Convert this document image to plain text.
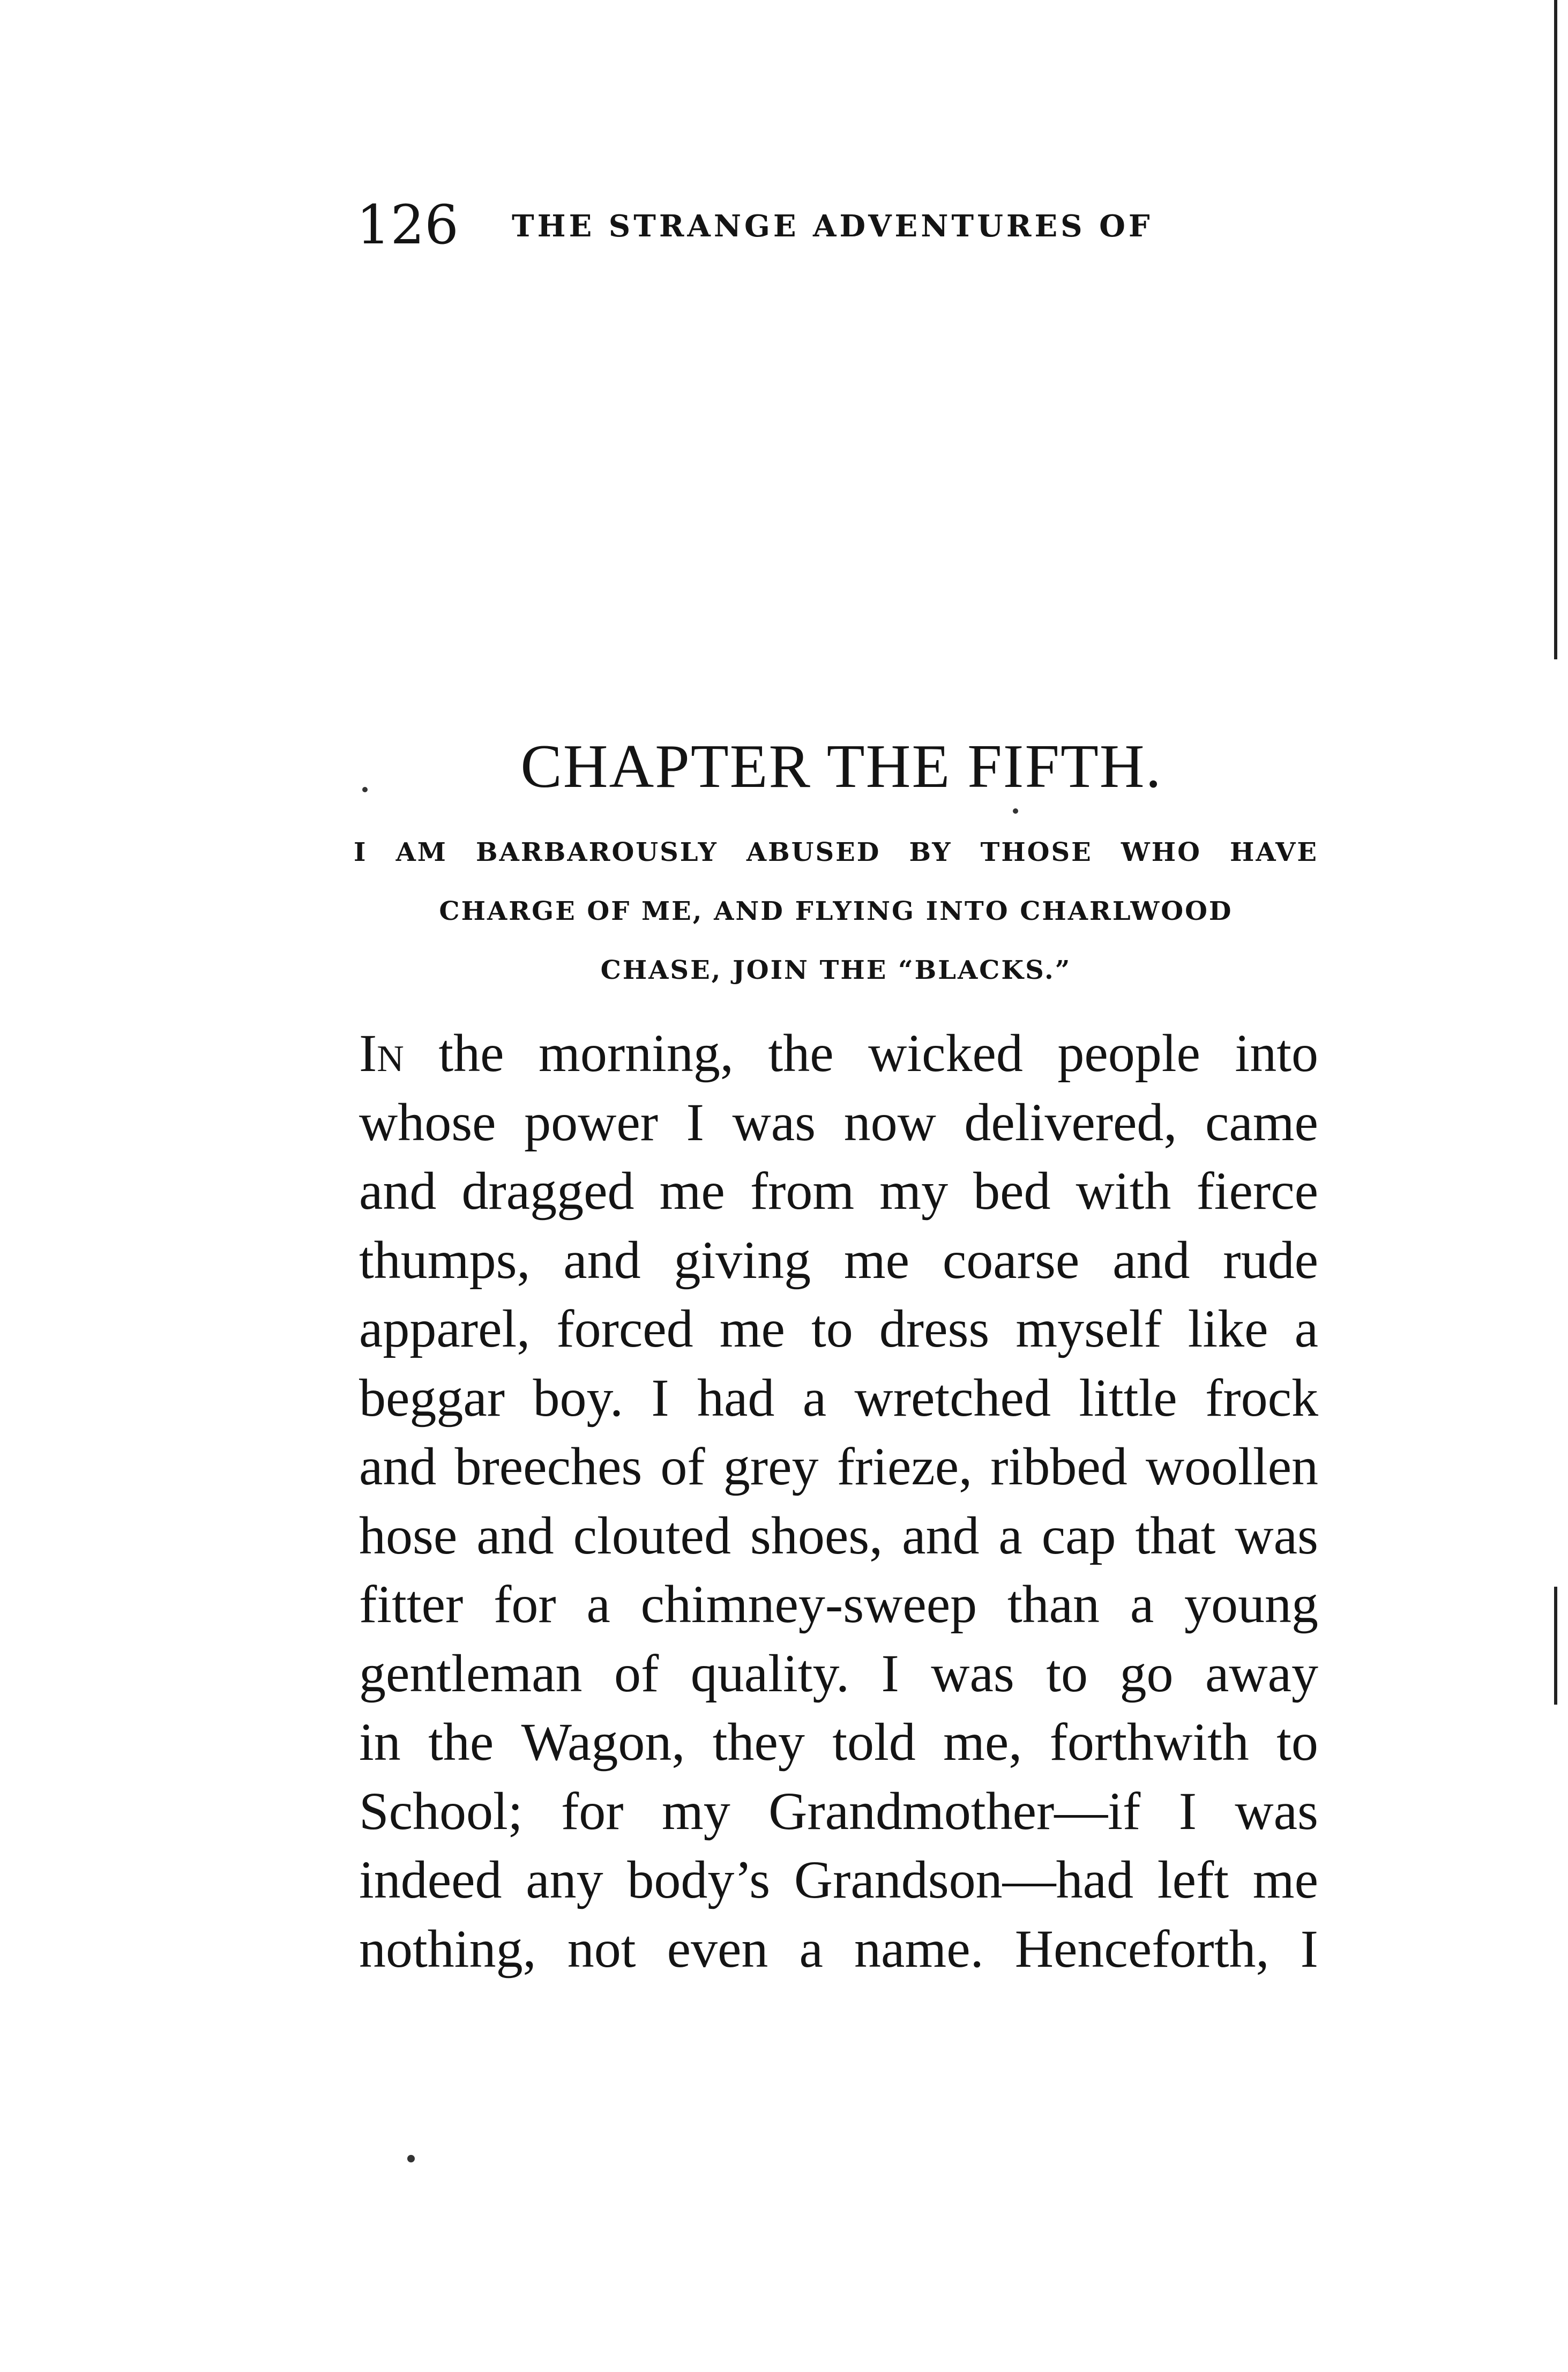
126 THE STRANGE ADVENTURES OF
CHAPTER THE FIFTH.
I AM BARBAROUSLY ABUSED BY THOSE WHO HAVE
CHARGE OF ME, AND FLYING INTO CHARLWOOD
CHASE, JOIN THE “BLACKS.”
In the morning, the wicked people into
whose power I was now delivered, came
and dragged me from my bed with fierce
thumps, and giving me coarse and rude
apparel, forced me to dress myself like a
beggar boy. I had a wretched little frock
and breeches of grey frieze, ribbed woollen
hose and clouted shoes, and a cap that was
fitter for a chimney-sweep than a young
gentleman of quality. I was to go away
in the Wagon, they told me, forthwith to
School; for my Grandmother—if I was
indeed any body’s Grandson—had left me
nothing, not even a name. Henceforth, I
